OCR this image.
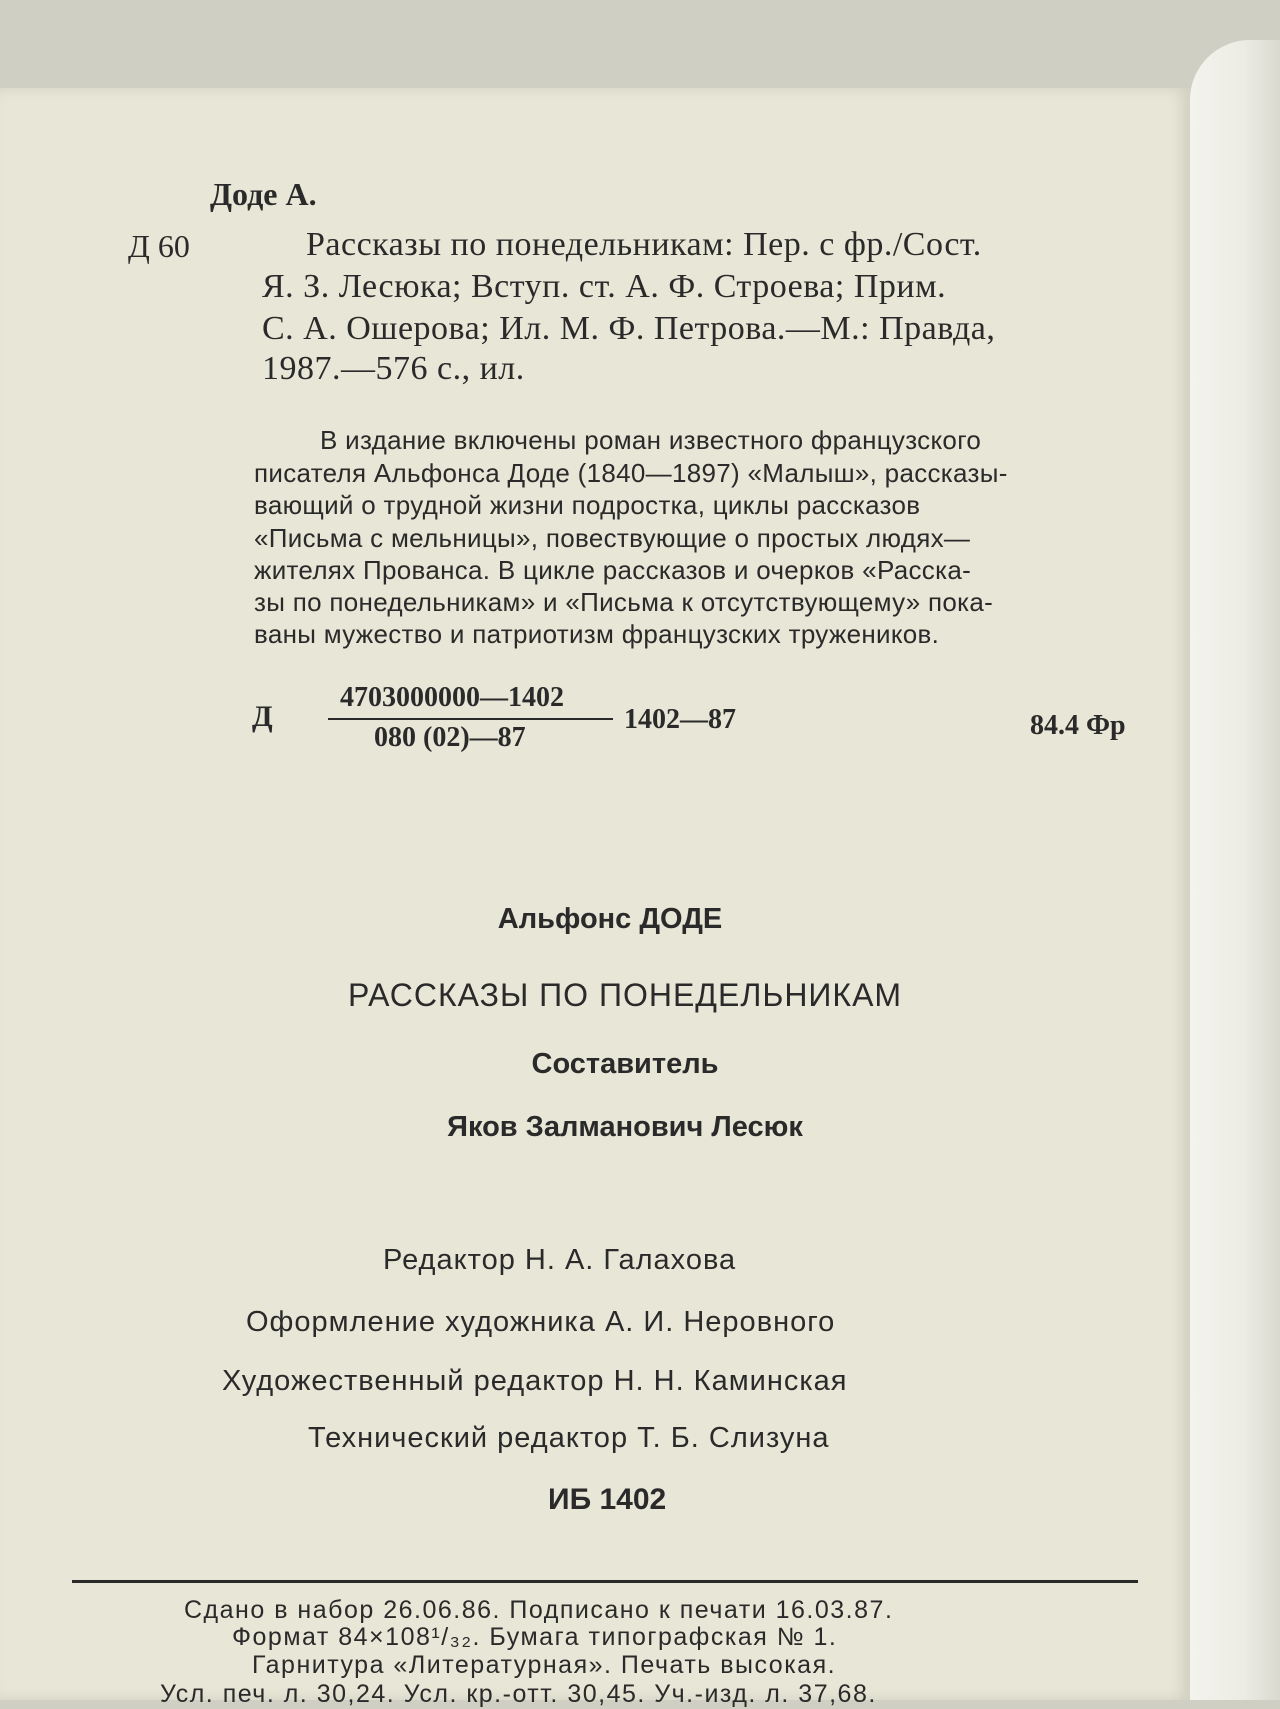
Доде А.
Д 60	Рассказы по понедельникам: Пер. с фр./Сост.
Я. З. Лесюка; Вступ. ст. А. Ф. Строева; Прим.
С. А. Ошерова; Ил. М. Ф. Петрова.—М.: Правда,
1987.—576 с., ил.
В издание включены роман известного французского
писателя Альфонса Доде (1840—1897) «Малыш», рассказы-
вающий о трудной жизни подростка, циклы рассказов
«Письма с мельницы», повествующие о простых людях—
жителях Прованса. В цикле рассказов и очерков «Расска-
зы по понедельникам» и «Письма к отсутствующему» пока-
ваны мужество и патриотизм французских тружеников.
Д
4703000000—1402
080 (02)—87
1402—87	84.4 Фр
Альфонс ДОДЕ
РАССКАЗЫ ПО ПОНЕДЕЛЬНИКАМ
Составитель
Яков Залманович Лесюк
Редактор Н. А. Галахова
Оформление художника А. И. Неровного
Художественный редактор Н. Н. Каминская
Технический редактор Т. Б. Слизуна
ИБ 1402
Сдано в набор 26.06.86. Подписано к печати 16.03.87.
Формат 84×108¹/₃₂. Бумага типографская № 1.
Гарнитура «Литературная». Печать высокая.
Усл. печ. л. 30,24. Усл. кр.-отт. 30,45. Уч.-изд. л. 37,68.
